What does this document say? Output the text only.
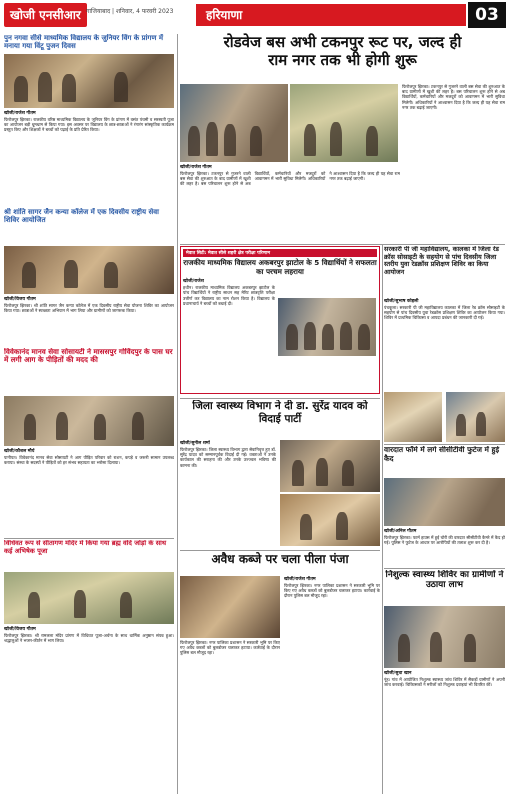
खोजी एनसीआर गाजियाबाद | शनिवार, 4 फरवरी 2023	हरियाणा	03
पुन नगवा सीसे माध्यमिक विद्यालय के जुनियर विंग के प्रांगण में मनाया गया विंटू पुजन दिवस
खोजी/राजेश गौतम
फिरोजपुर झिरका। राजकीय वरिष्ठ माध्यमिक विद्यालय के जूनियर विंग के प्रांगण में वसंत पंचमी व सरस्वती पूजा का आयोजन बड़ी धूमधाम से किया गया। इस अवसर पर विद्यालय के छात्र-छात्राओं ने रंगारंग सांस्कृतिक कार्यक्रम प्रस्तुत किए और शिक्षकों ने बच्चों को पढ़ाई के प्रति प्रेरित किया।
रोडवेज बस अभी टकनपुर रूट पर, जल्द ही
राम नगर तक भी होगी शुरू
खोजी/राजेश गौतम
फिरोजपुर झिरका। टकनपुर से गुजरने वाली बस सेवा की शुरुआत के बाद ग्रामीणों में खुशी की लहर है। बस परिचालन शुरू होने से अब विद्यार्थियों, कर्मचारियों और मजदूरों को आवागमन में भारी सुविधा मिलेगी। अधिकारियों ने आश्वासन दिया है कि जल्द ही यह सेवा राम नगर तक बढ़ाई जाएगी।
फिरोजपुर झिरका। टकनपुर से गुजरने वाली बस सेवा की शुरुआत के बाद ग्रामीणों में खुशी की लहर है। बस परिचालन शुरू होने से अब विद्यार्थियों, कर्मचारियों और मजदूरों को आवागमन में भारी सुविधा मिलेगी। अधिकारियों ने आश्वासन दिया है कि जल्द ही यह सेवा राम नगर तक बढ़ाई जाएगी।
श्री शांति सागर जैन कन्या कॉलेज में एक दिवसीय राष्ट्रीय सेवा शिविर आयोजित
खोजी/विजय गौतम
फिरोजपुर झिरका। श्री शांति सागर जैन कन्या कॉलेज में एक दिवसीय राष्ट्रीय सेवा योजना शिविर का आयोजन किया गया। छात्राओं ने स्वच्छता अभियान में भाग लिया और ग्रामीणों को जागरूक किया।
मेवात सिटी: मेवात सीसे शहरी क्षेत्र परीक्षा परिणाम
राजकीय माध्यमिक विद्यालय अकबरपुर झाटोल के 5 विद्यार्थियों ने सफलता का परचम लहराया
खोजी/राजेश
हथीन। राजकीय माध्यमिक विद्यालय अकबरपुर झाटोल के पांच विद्यार्थियों ने राष्ट्रीय साधन सह मेरिट छात्रवृत्ति परीक्षा उत्तीर्ण कर विद्यालय का नाम रोशन किया है। विद्यालय के प्रधानाचार्य ने बच्चों को बधाई दी।
सरकारी पी जी महाविद्यालय, कालका में जिला रेड क्रॉस सोसाइटी के सहयोग से पांच दिवसीय जिला स्तरीय युवा रेडक्रॉस प्रशिक्षण शिविर का किया आयोजन
खोजी/सुभाष कोहली
पंचकूला। सरकारी पी जी महाविद्यालय कालका में जिला रेड क्रॉस सोसाइटी के सहयोग से पांच दिवसीय युवा रेडक्रॉस प्रशिक्षण शिविर का आयोजन किया गया। शिविर में प्राथमिक चिकित्सा व आपदा प्रबंधन की जानकारी दी गई।
विवेकानंद मानव सेवा सोसायटी ने माससपुर गोविंदपुर के पास घर में लगी आग के पीड़ितों की मदद की
खोजी/कौशल मौर्य
पानीपत। विवेकानंद मानव सेवा सोसायटी ने आग पीड़ित परिवार को राशन, कपड़े व जरूरी सामान उपलब्ध कराया। संस्था के सदस्यों ने पीड़ितों को हर संभव सहायता का भरोसा दिलाया।
जिला स्वास्थ्य विभाग ने दी डा. सुरेंद्र यादव को विदाई पार्टी
खोजी/सुनील शर्मा
फिरोजपुर झिरका। जिला स्वास्थ्य विभाग द्वारा सेवानिवृत्त हुए डॉ. सुरेंद्र यादव को सम्मानपूर्वक विदाई दी गई। वक्ताओं ने उनके कार्यकाल की सराहना की और उनके उज्ज्वल भविष्य की कामना की।
वारदात फॉर्म में लगे सीसीटीवी फुटेज में हुई कैद
खोजी/अनिल गौतम
फिरोजपुर झिरका। फार्म हाउस में हुई चोरी की वारदात सीसीटीवी कैमरे में कैद हो गई। पुलिस ने फुटेज के आधार पर आरोपियों की तलाश शुरू कर दी है।
विधिवत रूप से सीतागण मंदिर में किया गया ब्रह्म वंदि जोड़ों के साथ कई अभिषेक पूजा
खोजी/विजय गौतम
फिरोजपुर झिरका। श्री रामलला मंदिर प्रांगण में विधिवत पूजा-अर्चना के साथ धार्मिक अनुष्ठान संपन्न हुआ। श्रद्धालुओं ने भजन-कीर्तन में भाग लिया।
अवैध कब्जे पर चला पीला पंजा
खोजी/राजेश गौतम
फिरोजपुर झिरका। नगर पालिका प्रशासन ने सरकारी भूमि पर किए गए अवैध कब्जों को बुलडोजर चलाकर हटाया। कार्रवाई के दौरान पुलिस बल मौजूद रहा।
फिरोजपुर झिरका। नगर पालिका प्रशासन ने सरकारी भूमि पर किए गए अवैध कब्जों को बुलडोजर चलाकर हटाया। कार्रवाई के दौरान पुलिस बल मौजूद रहा।
निशुल्क स्वास्थ्य शिविर का ग्रामीणों ने उठाया लाभ
खोजी/सुधा खान
नूंह। गांव में आयोजित निशुल्क स्वास्थ्य जांच शिविर में सैकड़ों ग्रामीणों ने अपनी जांच करवाई। चिकित्सकों ने मरीजों को निशुल्क दवाइयां भी वितरित कीं।
